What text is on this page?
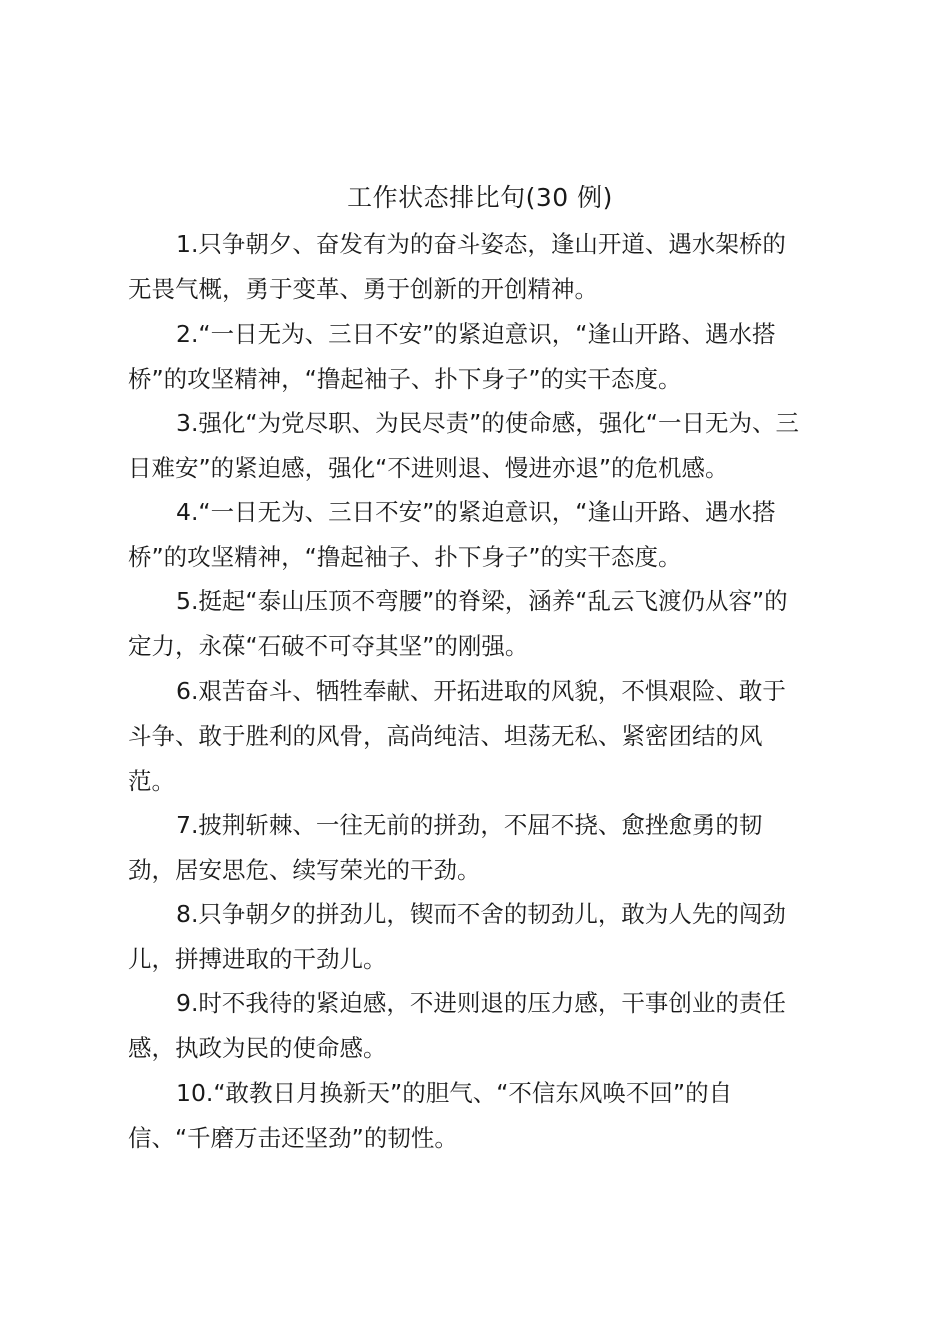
工作状态排比句(30 例)
1.只争朝夕、奋发有为的奋斗姿态，逢山开道、遇水架桥的
无畏气概，勇于变革、勇于创新的开创精神。
2.“一日无为、三日不安”的紧迫意识，“逢山开路、遇水搭
桥”的攻坚精神，“撸起袖子、扑下身子”的实干态度。
3.强化“为党尽职、为民尽责”的使命感，强化“一日无为、三
日难安”的紧迫感，强化“不进则退、慢进亦退”的危机感。
4.“一日无为、三日不安”的紧迫意识，“逢山开路、遇水搭
桥”的攻坚精神，“撸起袖子、扑下身子”的实干态度。
5.挺起“泰山压顶不弯腰”的脊梁，涵养“乱云飞渡仍从容”的
定力，永葆“石破不可夺其坚”的刚强。
6.艰苦奋斗、牺牲奉献、开拓进取的风貌，不惧艰险、敢于
斗争、敢于胜利的风骨，高尚纯洁、坦荡无私、紧密团结的风
范。
7.披荆斩棘、一往无前的拼劲，不屈不挠、愈挫愈勇的韧
劲，居安思危、续写荣光的干劲。
8.只争朝夕的拼劲儿，锲而不舍的韧劲儿，敢为人先的闯劲
儿，拼搏进取的干劲儿。
9.时不我待的紧迫感，不进则退的压力感，干事创业的责任
感，执政为民的使命感。
10.“敢教日月换新天”的胆气、“不信东风唤不回”的自
信、“千磨万击还坚劲”的韧性。
